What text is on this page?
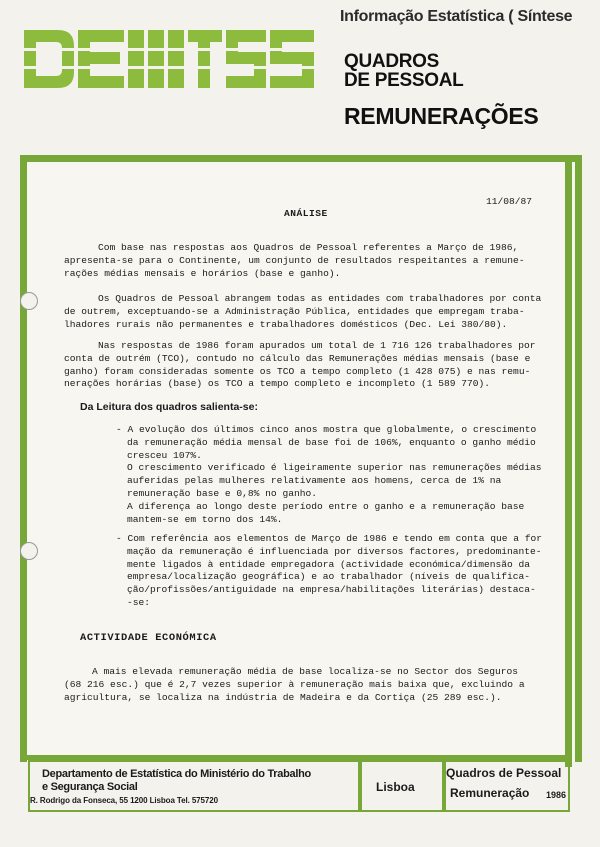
Informação Estatística ( Síntese
QUADROS
DE PESSOAL
REMUNERAÇÕES
11/08/87
ANÁLISE
Com base nas respostas aos Quadros de Pessoal referentes a Março de 1986,
apresenta-se para o Continente, um conjunto de resultados respeitantes a remune-
rações médias mensais e horários (base e ganho).
Os Quadros de Pessoal abrangem todas as entidades com trabalhadores por conta
de outrem, exceptuando-se a Administração Pública, entidades que empregam traba-
lhadores rurais não permanentes e trabalhadores domésticos (Dec. Lei 380/80).
Nas respostas de 1986 foram apurados um total de 1 716 126 trabalhadores por
conta de outrém (TCO), contudo no cálculo das Remunerações médias mensais (base e
ganho) foram consideradas somente os TCO a tempo completo (1 428 075) e nas remu-
nerações horárias (base) os TCO a tempo completo e incompleto (1 589 770).
Da Leitura dos quadros salienta-se:
- A evolução dos últimos cinco anos mostra que globalmente, o crescimento
da remuneração média mensal de base foi de 106%, enquanto o ganho médio
cresceu 107%.
O crescimento verificado é ligeiramente superior nas remunerações médias
auferidas pelas mulheres relativamente aos homens, cerca de 1% na
remuneração base e 0,8% no ganho.
A diferença ao longo deste período entre o ganho e a remuneração base
mantem-se em torno dos 14%.
- Com referência aos elementos de Março de 1986 e tendo em conta que a for
mação da remuneração é influenciada por diversos factores, predominante-
mente ligados à entidade empregadora (actividade económica/dimensão da
empresa/localização geográfica) e ao trabalhador (níveis de qualifica-
ção/profissões/antiguidade na empresa/habilitações literárias) destaca-
-se:
ACTIVIDADE ECONÓMICA
A mais elevada remuneração média de base localiza-se no Sector dos Seguros
(68 216 esc.) que é 2,7 vezes superior à remuneração mais baixa que, excluindo a
agricultura, se localiza na indústria de Madeira e da Cortiça (25 289 esc.).
Departamento de Estatística do Ministério do Trabalho
e Segurança Social
R. Rodrigo da Fonseca, 55 1200 Lisboa Tel. 575720
Lisboa
Quadros de Pessoal
Remuneração 1986
